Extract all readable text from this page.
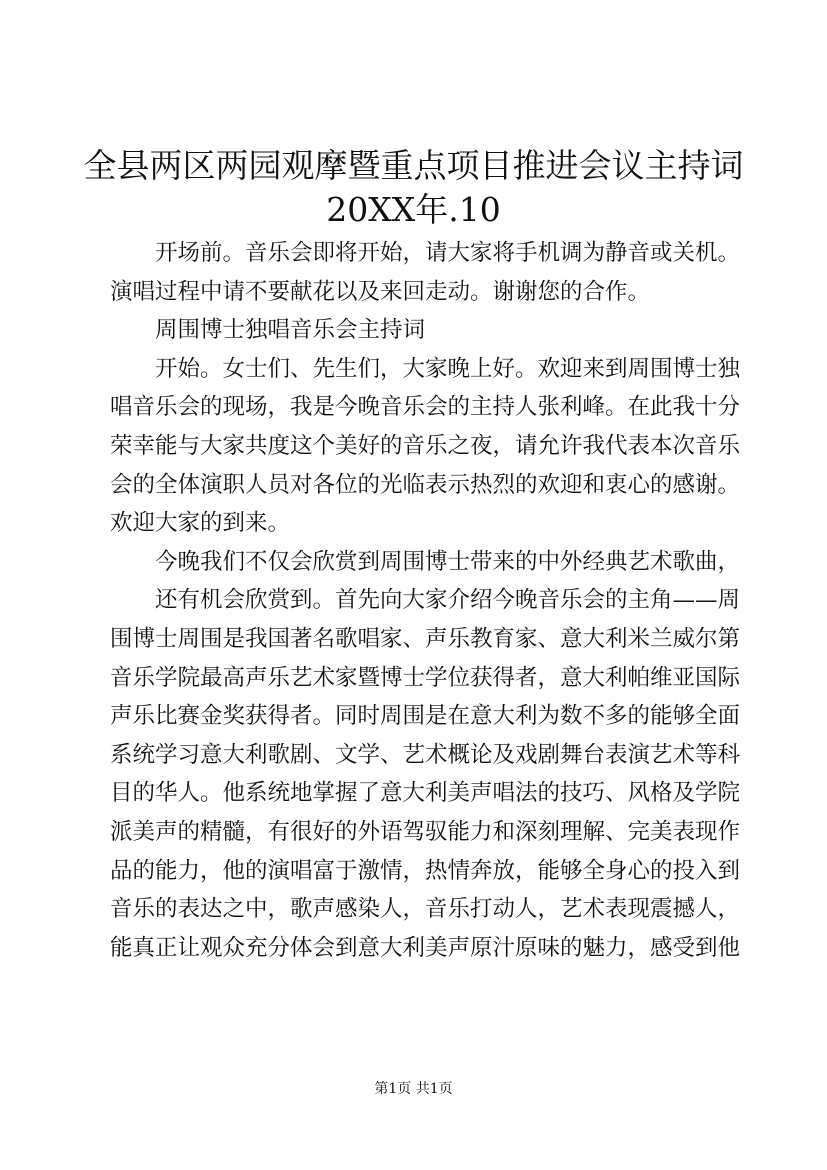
全县两区两园观摩暨重点项目推进会议主持词
20XX年.10

开场前。音乐会即将开始，请大家将手机调为静音或关机。演唱过程中请不要献花以及来回走动。谢谢您的合作。

周围博士独唱音乐会主持词

开始。女士们、先生们，大家晚上好。欢迎来到周围博士独唱音乐会的现场，我是今晚音乐会的主持人张利峰。在此我十分荣幸能与大家共度这个美好的音乐之夜，请允许我代表本次音乐会的全体演职人员对各位的光临表示热烈的欢迎和衷心的感谢。欢迎大家的到来。

今晚我们不仅会欣赏到周围博士带来的中外经典艺术歌曲，

还有机会欣赏到。首先向大家介绍今晚音乐会的主角——周围博士周围是我国著名歌唱家、声乐教育家、意大利米兰威尔第音乐学院最高声乐艺术家暨博士学位获得者，意大利帕维亚国际声乐比赛金奖获得者。同时周围是在意大利为数不多的能够全面系统学习意大利歌剧、文学、艺术概论及戏剧舞台表演艺术等科目的华人。他系统地掌握了意大利美声唱法的技巧、风格及学院派美声的精髓，有很好的外语驾驭能力和深刻理解、完美表现作品的能力，他的演唱富于激情，热情奔放，能够全身心的投入到音乐的表达之中，歌声感染人，音乐打动人，艺术表现震撼人，能真正让观众充分体会到意大利美声原汁原味的魅力，感受到他

第1页 共1页
